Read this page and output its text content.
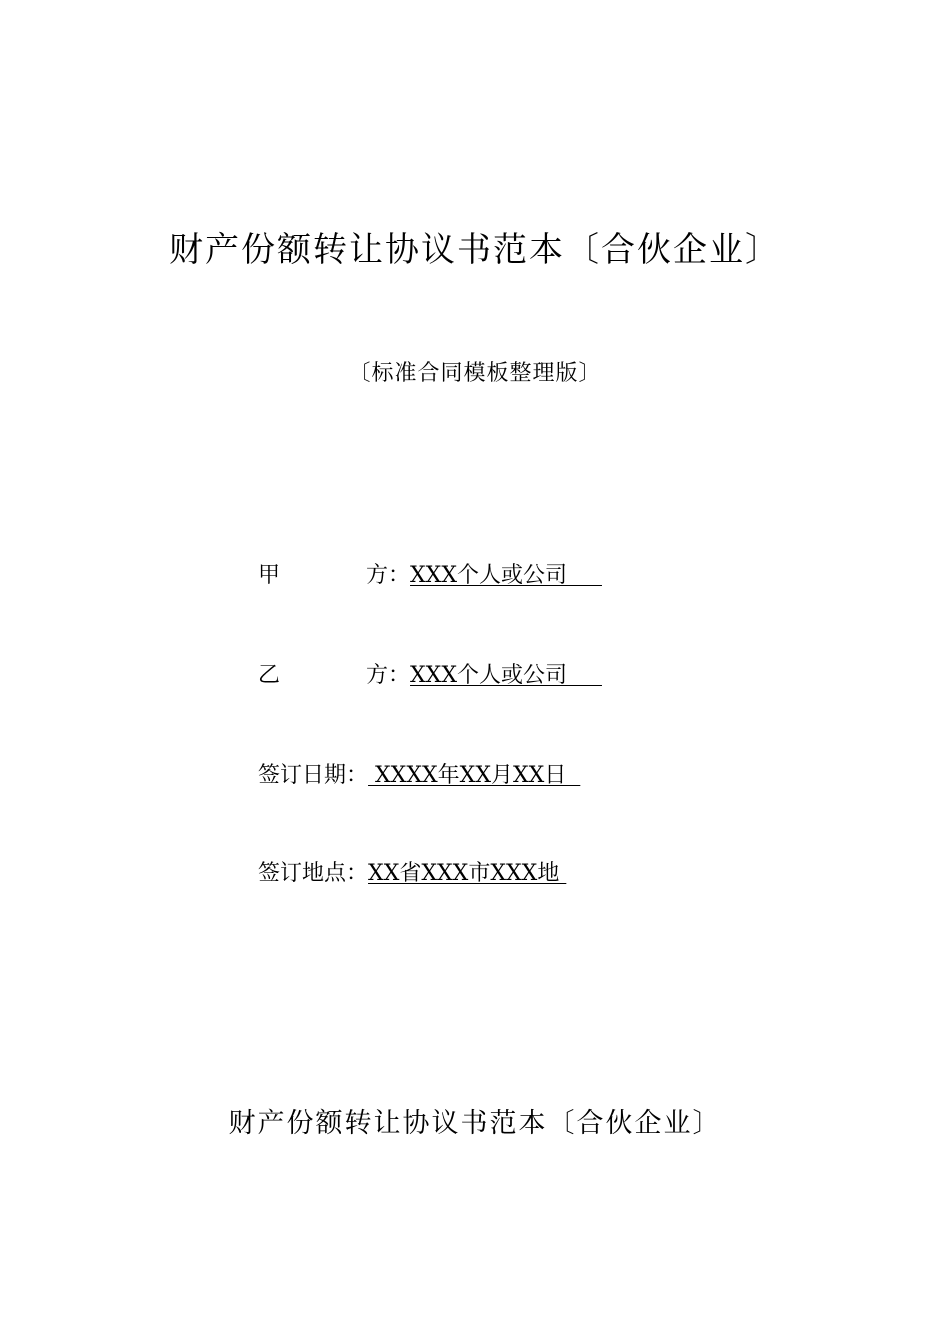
财产份额转让协议书范本〔合伙企业〕
〔标准合同模板整理版〕
甲	方 ： XXX个人或公司
乙	方 ： XXX个人或公司
签订日期 ： XXXX年XX月XX日
签订地点 ： XX省XXX市XXX地
财产份额转让协议书范本〔合伙企业〕
